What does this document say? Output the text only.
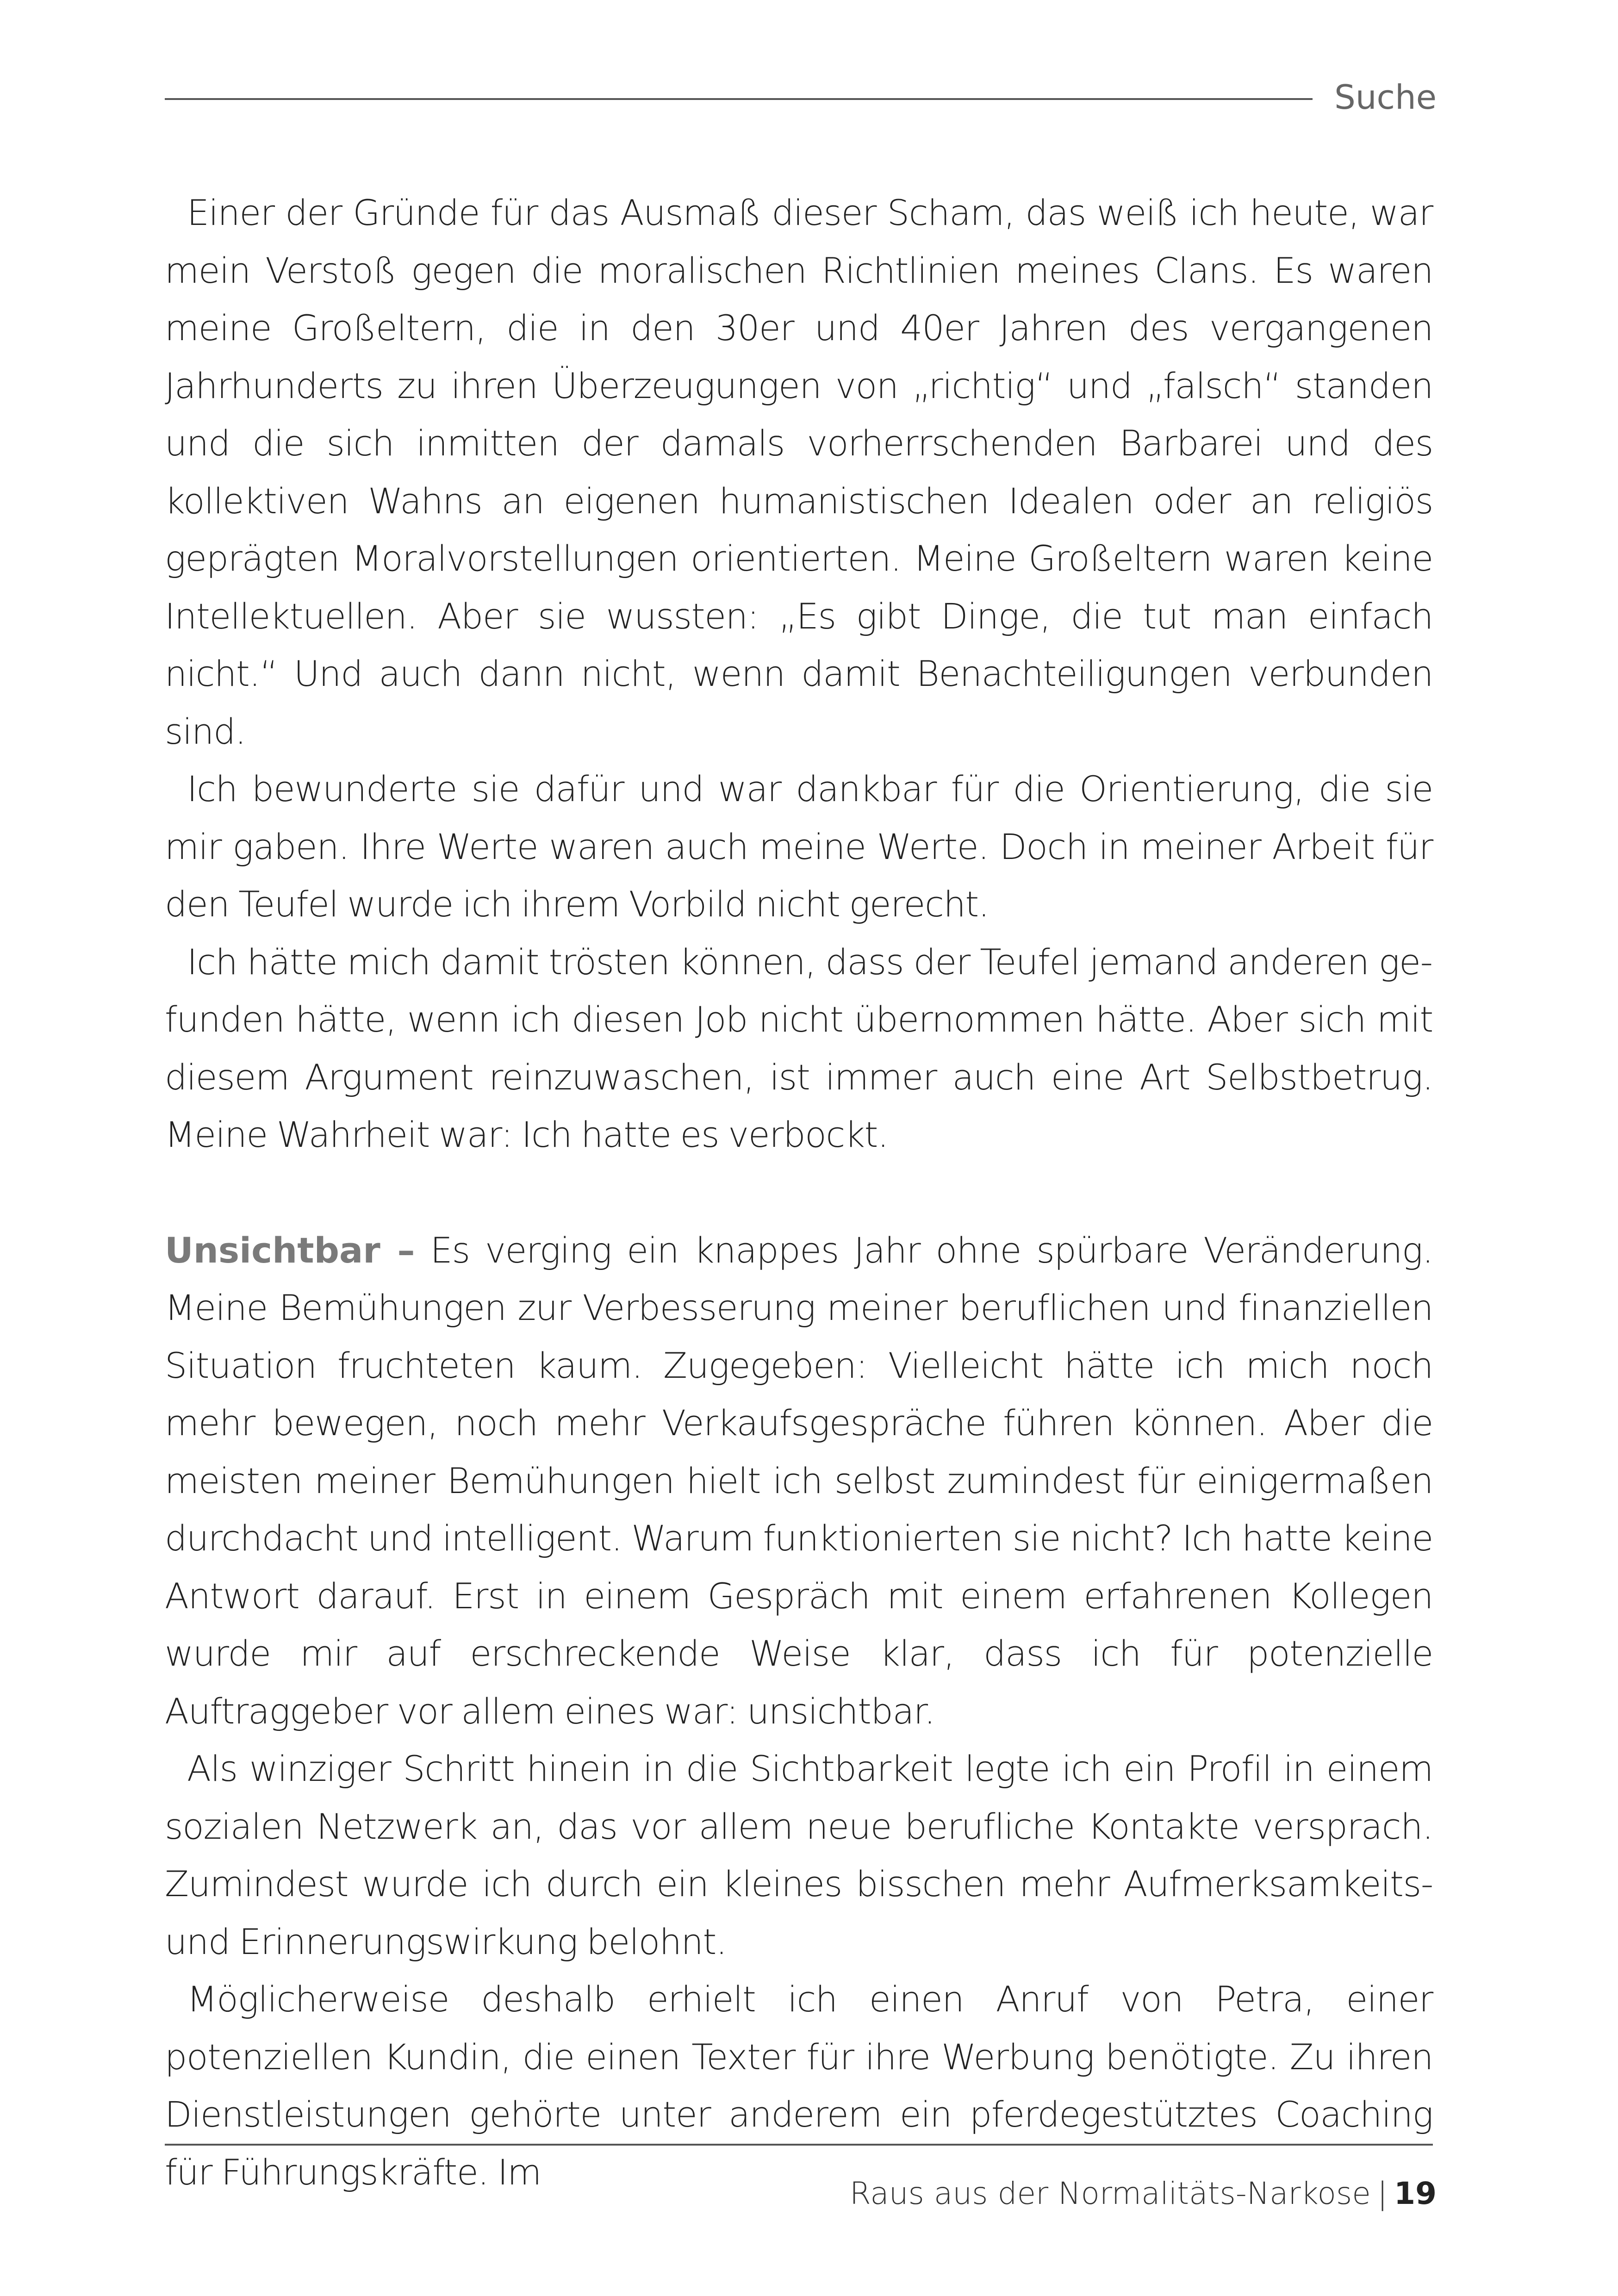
Suche

Einer der Gründe für das Ausmaß dieser Scham, das weiß ich heute, war mein Verstoß gegen die moralischen Richtlinien meines Clans. Es waren meine Großeltern, die in den 30er und 40er Jahren des vergangenen Jahrhunderts zu ihren Überzeugungen von „richtig“ und „falsch“ standen und die sich inmitten der damals vorherrschenden Barbarei und des kollektiven Wahns an eigenen humanistischen Idealen oder an religiös geprägten Moralvorstellungen orientierten. Meine Großeltern waren keine Intellektuellen. Aber sie wussten: „Es gibt Dinge, die tut man einfach nicht.“ Und auch dann nicht, wenn damit Benachteiligungen verbunden sind.

Ich bewunderte sie dafür und war dankbar für die Orientierung, die sie mir gaben. Ihre Werte waren auch meine Werte. Doch in meiner Arbeit für den Teufel wurde ich ihrem Vorbild nicht gerecht.

Ich hätte mich damit trösten können, dass der Teufel jemand anderen gefunden hätte, wenn ich diesen Job nicht übernommen hätte. Aber sich mit diesem Argument reinzuwaschen, ist immer auch eine Art Selbstbetrug. Meine Wahrheit war: Ich hatte es verbockt.

Unsichtbar – Es verging ein knappes Jahr ohne spürbare Veränderung. Meine Bemühungen zur Verbesserung meiner beruflichen und finanziellen Situation fruchteten kaum. Zugegeben: Vielleicht hätte ich mich noch mehr bewegen, noch mehr Verkaufsgespräche führen können. Aber die meisten meiner Bemühungen hielt ich selbst zumindest für einigermaßen durchdacht und intelligent. Warum funktionierten sie nicht? Ich hatte keine Antwort darauf. Erst in einem Gespräch mit einem erfahrenen Kollegen wurde mir auf erschreckende Weise klar, dass ich für potenzielle Auftraggeber vor allem eines war: unsichtbar.

Als winziger Schritt hinein in die Sichtbarkeit legte ich ein Profil in einem sozialen Netzwerk an, das vor allem neue berufliche Kontakte versprach. Zumindest wurde ich durch ein kleines bisschen mehr Aufmerksamkeits- und Erinnerungswirkung belohnt.

Möglicherweise deshalb erhielt ich einen Anruf von Petra, einer potenziellen Kundin, die einen Texter für ihre Werbung benötigte. Zu ihren Dienstleistungen gehörte unter anderem ein pferdegestütztes Coaching für Führungskräfte. Im

Raus aus der Normalitäts-Narkose | 19
